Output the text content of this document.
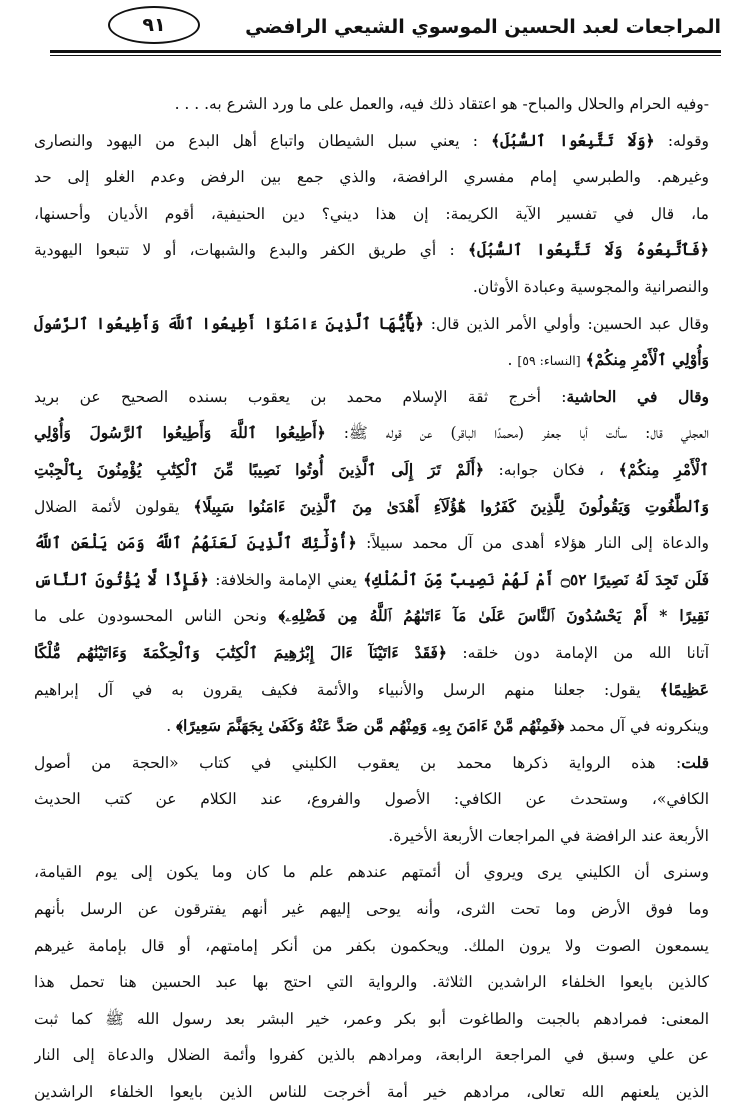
المراجعات لعبد الحسين الموسوي الشيعي الرافضي
٩١
-وفيه الحرام والحلال والمباح- هو اعتقاد ذلك فيه، والعمل على ما ورد الشرع به. . . .
وقوله: ﴿وَلَا تَتَّبِعُوا ٱلسُّبُلَ﴾ : يعني سبل الشيطان واتباع أهل البدع من اليهود والنصارى
وغيرهم. والطبرسي إمام مفسري الرافضة، والذي جمع بين الرفض وعدم الغلو إلى حد
ما، قال في تفسير الآية الكريمة: إن هذا ديني؟ دين الحنيفية، أقوم الأديان وأحسنها،
﴿فَٱتَّبِعُوهُ وَلَا تَتَّبِعُوا ٱلسُّبُلَ﴾ : أي طريق الكفر والبدع والشبهات، أو لا تتبعوا اليهودية
والنصرانية والمجوسية وعبادة الأوثان.
وقال عبد الحسين: وأولي الأمر الذين قال: ﴿يَٰٓأَيُّهَا ٱلَّذِينَ ءَامَنُوٓا أَطِيعُوا ٱللَّهَ وَأَطِيعُوا ٱلرَّسُولَ
وَأُوْلِي ٱلْأَمْرِ مِنكُمْ﴾ [النساء: ٥٩] .
وقال في الحاشية: أخرج ثقة الإسلام محمد بن يعقوب بسنده الصحيح عن بريد
العجلي قال: سألت أبا جعفر (محمدًا الباقر) عن قوله ﷺ: ﴿أَطِيعُوا ٱللَّهَ وَأَطِيعُوا ٱلرَّسُولَ وَأُوْلِي
ٱلْأَمْرِ مِنكُمْ﴾ ، فكان جوابه: ﴿أَلَمْ تَرَ إِلَى ٱلَّذِينَ أُوتُوا نَصِيبًا مِّنَ ٱلْكِتَٰبِ يُؤْمِنُونَ بِٱلْجِبْتِ
وَٱلطَّٰغُوتِ وَيَقُولُونَ لِلَّذِينَ كَفَرُوا هَٰٓؤُلَآءِ أَهْدَىٰ مِنَ ٱلَّذِينَ ءَامَنُوا سَبِيلًا﴾ يقولون لأئمة الضلال
والدعاة إلى النار هؤلاء أهدى من آل محمد سبيلاً: ﴿أُوْلَٰٓئِكَ ٱلَّذِينَ لَعَنَهُمُ ٱللَّهُ وَمَن يَلْعَنِ ٱللَّهُ
فَلَن تَجِدَ لَهُ نَصِيرًا ۝٥٢ أَمْ لَهُمْ نَصِيبٌ مِّنَ ٱلْمُلْكِ﴾ يعني الإمامة والخلافة: ﴿فَإِذًا لَّا يُؤْتُونَ ٱلنَّاسَ
نَقِيرًا * أَمْ يَحْسُدُونَ ٱلنَّاسَ عَلَىٰ مَآ ءَاتَىٰهُمُ ٱللَّهُ مِن فَضْلِهِۦ﴾ ونحن الناس المحسودون على ما
آتانا الله من الإمامة دون خلقه: ﴿فَقَدْ ءَاتَيْنَآ ءَالَ إِبْرَٰهِيمَ ٱلْكِتَٰبَ وَٱلْحِكْمَةَ وَءَاتَيْنَٰهُم مُّلْكًا
عَظِيمًا﴾ يقول: جعلنا منهم الرسل والأنبياء والأئمة فكيف يقرون به في آل إبراهيم
وينكرونه في آل محمد ﴿فَمِنْهُم مَّنْ ءَامَنَ بِهِۦ وَمِنْهُم مَّن صَدَّ عَنْهُ وَكَفَىٰ بِجَهَنَّمَ سَعِيرًا﴾ .
قلت: هذه الرواية ذكرها محمد بن يعقوب الكليني في كتاب «الحجة من أصول
الكافي»، وستحدث عن الكافي: الأصول والفروع، عند الكلام عن كتب الحديث
الأربعة عند الرافضة في المراجعات الأربعة الأخيرة.
وسنرى أن الكليني يرى ويروي أن أئمتهم عندهم علم ما كان وما يكون إلى يوم القيامة،
وما فوق الأرض وما تحت الثرى، وأنه يوحى إليهم غير أنهم يفترقون عن الرسل بأنهم
يسمعون الصوت ولا يرون الملك. ويحكمون بكفر من أنكر إمامتهم، أو قال بإمامة غيرهم
كالذين بايعوا الخلفاء الراشدين الثلاثة. والرواية التي احتج بها عبد الحسين هنا تحمل هذا
المعنى: فمرادهم بالجبت والطاغوت أبو بكر وعمر، خير البشر بعد رسول الله ﷺ كما ثبت
عن علي وسبق في المراجعة الرابعة، ومرادهم بالذين كفروا وأئمة الضلال والدعاة إلى النار
الذين يلعنهم الله تعالى، مرادهم خير أمة أخرجت للناس الذين بايعوا الخلفاء الراشدين
